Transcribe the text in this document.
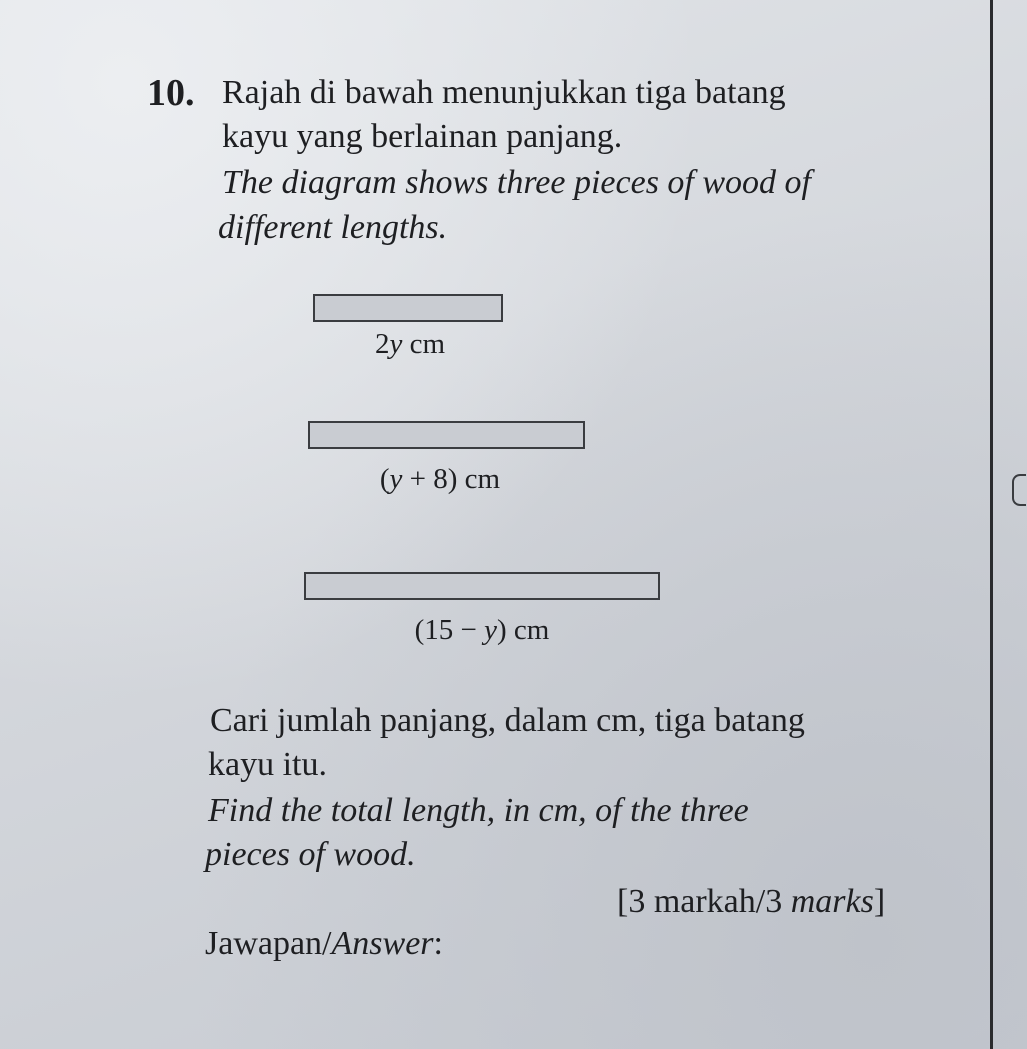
10. Rajah di bawah menunjukkan tiga batang
kayu yang berlainan panjang.
The diagram shows three pieces of wood of
different lengths.
2y cm
(y + 8) cm
(15 − y) cm
Cari jumlah panjang, dalam cm, tiga batang
kayu itu.
Find the total length, in cm, of the three
pieces of wood.
[3 markah/3 marks]
Jawapan/Answer:
